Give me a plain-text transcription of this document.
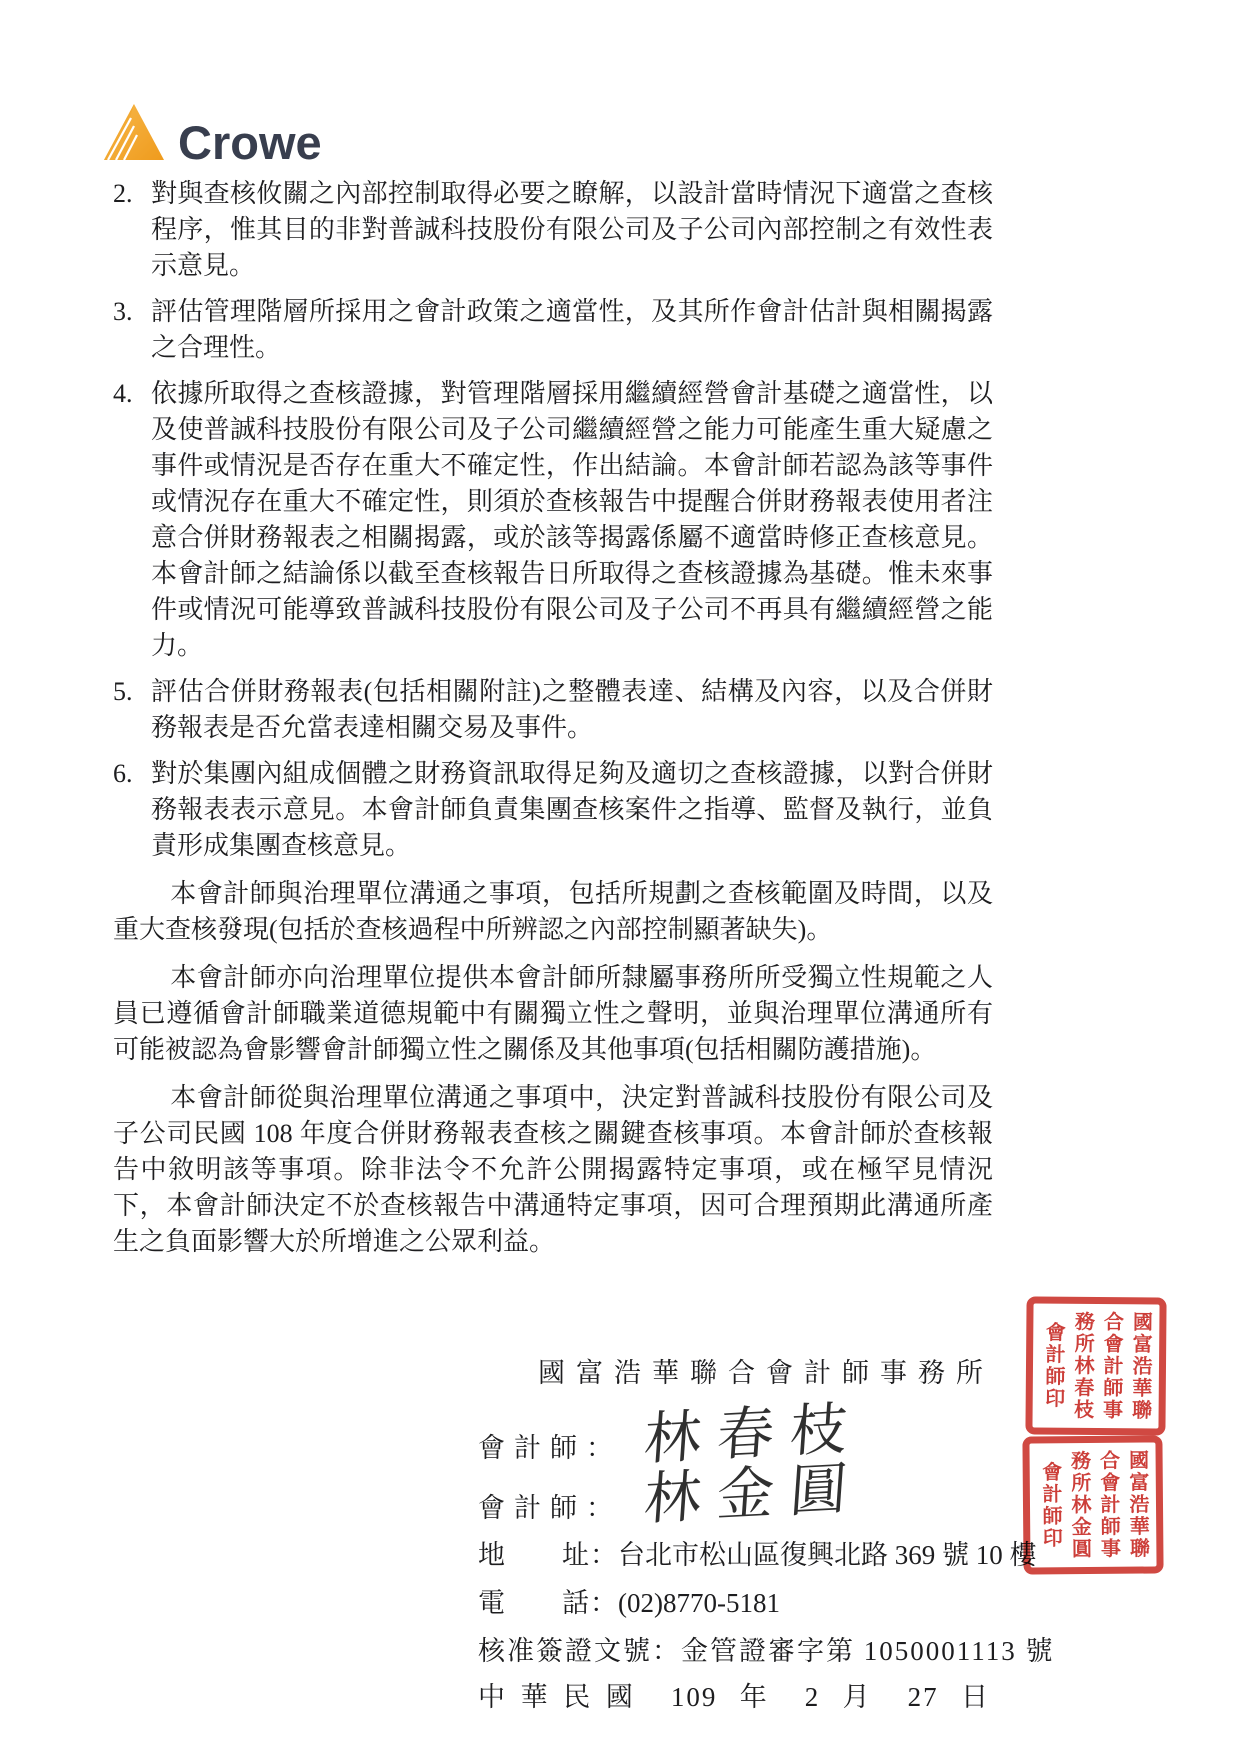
Crowe
2. 對與查核攸關之內部控制取得必要之瞭解，以設計當時情況下適當之查核程序，惟其目的非對普誠科技股份有限公司及子公司內部控制之有效性表示意見。
3. 評估管理階層所採用之會計政策之適當性，及其所作會計估計與相關揭露之合理性。
4. 依據所取得之查核證據，對管理階層採用繼續經營會計基礎之適當性，以及使普誠科技股份有限公司及子公司繼續經營之能力可能產生重大疑慮之事件或情況是否存在重大不確定性，作出結論。本會計師若認為該等事件或情況存在重大不確定性，則須於查核報告中提醒合併財務報表使用者注意合併財務報表之相關揭露，或於該等揭露係屬不適當時修正查核意見。本會計師之結論係以截至查核報告日所取得之查核證據為基礎。惟未來事件或情況可能導致普誠科技股份有限公司及子公司不再具有繼續經營之能力。
5. 評估合併財務報表(包括相關附註)之整體表達、結構及內容，以及合併財務報表是否允當表達相關交易及事件。
6. 對於集團內組成個體之財務資訊取得足夠及適切之查核證據，以對合併財務報表表示意見。本會計師負責集團查核案件之指導、監督及執行，並負責形成集團查核意見。

本會計師與治理單位溝通之事項，包括所規劃之查核範圍及時間，以及重大查核發現(包括於查核過程中所辨認之內部控制顯著缺失)。

本會計師亦向治理單位提供本會計師所隸屬事務所所受獨立性規範之人員已遵循會計師職業道德規範中有關獨立性之聲明，並與治理單位溝通所有可能被認為會影響會計師獨立性之關係及其他事項(包括相關防護措施)。

本會計師從與治理單位溝通之事項中，決定對普誠科技股份有限公司及子公司民國 108 年度合併財務報表查核之關鍵查核事項。本會計師於查核報告中敘明該等事項。除非法令不允許公開揭露特定事項，或在極罕見情況下，本會計師決定不於查核報告中溝通特定事項，因可合理預期此溝通所產生之負面影響大於所增進之公眾利益。

國富浩華聯合會計師事務所
會計師： 林春枝
會計師： 林金圓
地　　址：台北市松山區復興北路 369 號 10 樓
電　　話：(02)8770-5181
核准簽證文號：金管證審字第 1050001113 號
中華民國 109 年 2 月 27 日
國富浩華聯合會計師事務所林春枝會計師印
國富浩華聯合會計師事務所林金圓會計師印
